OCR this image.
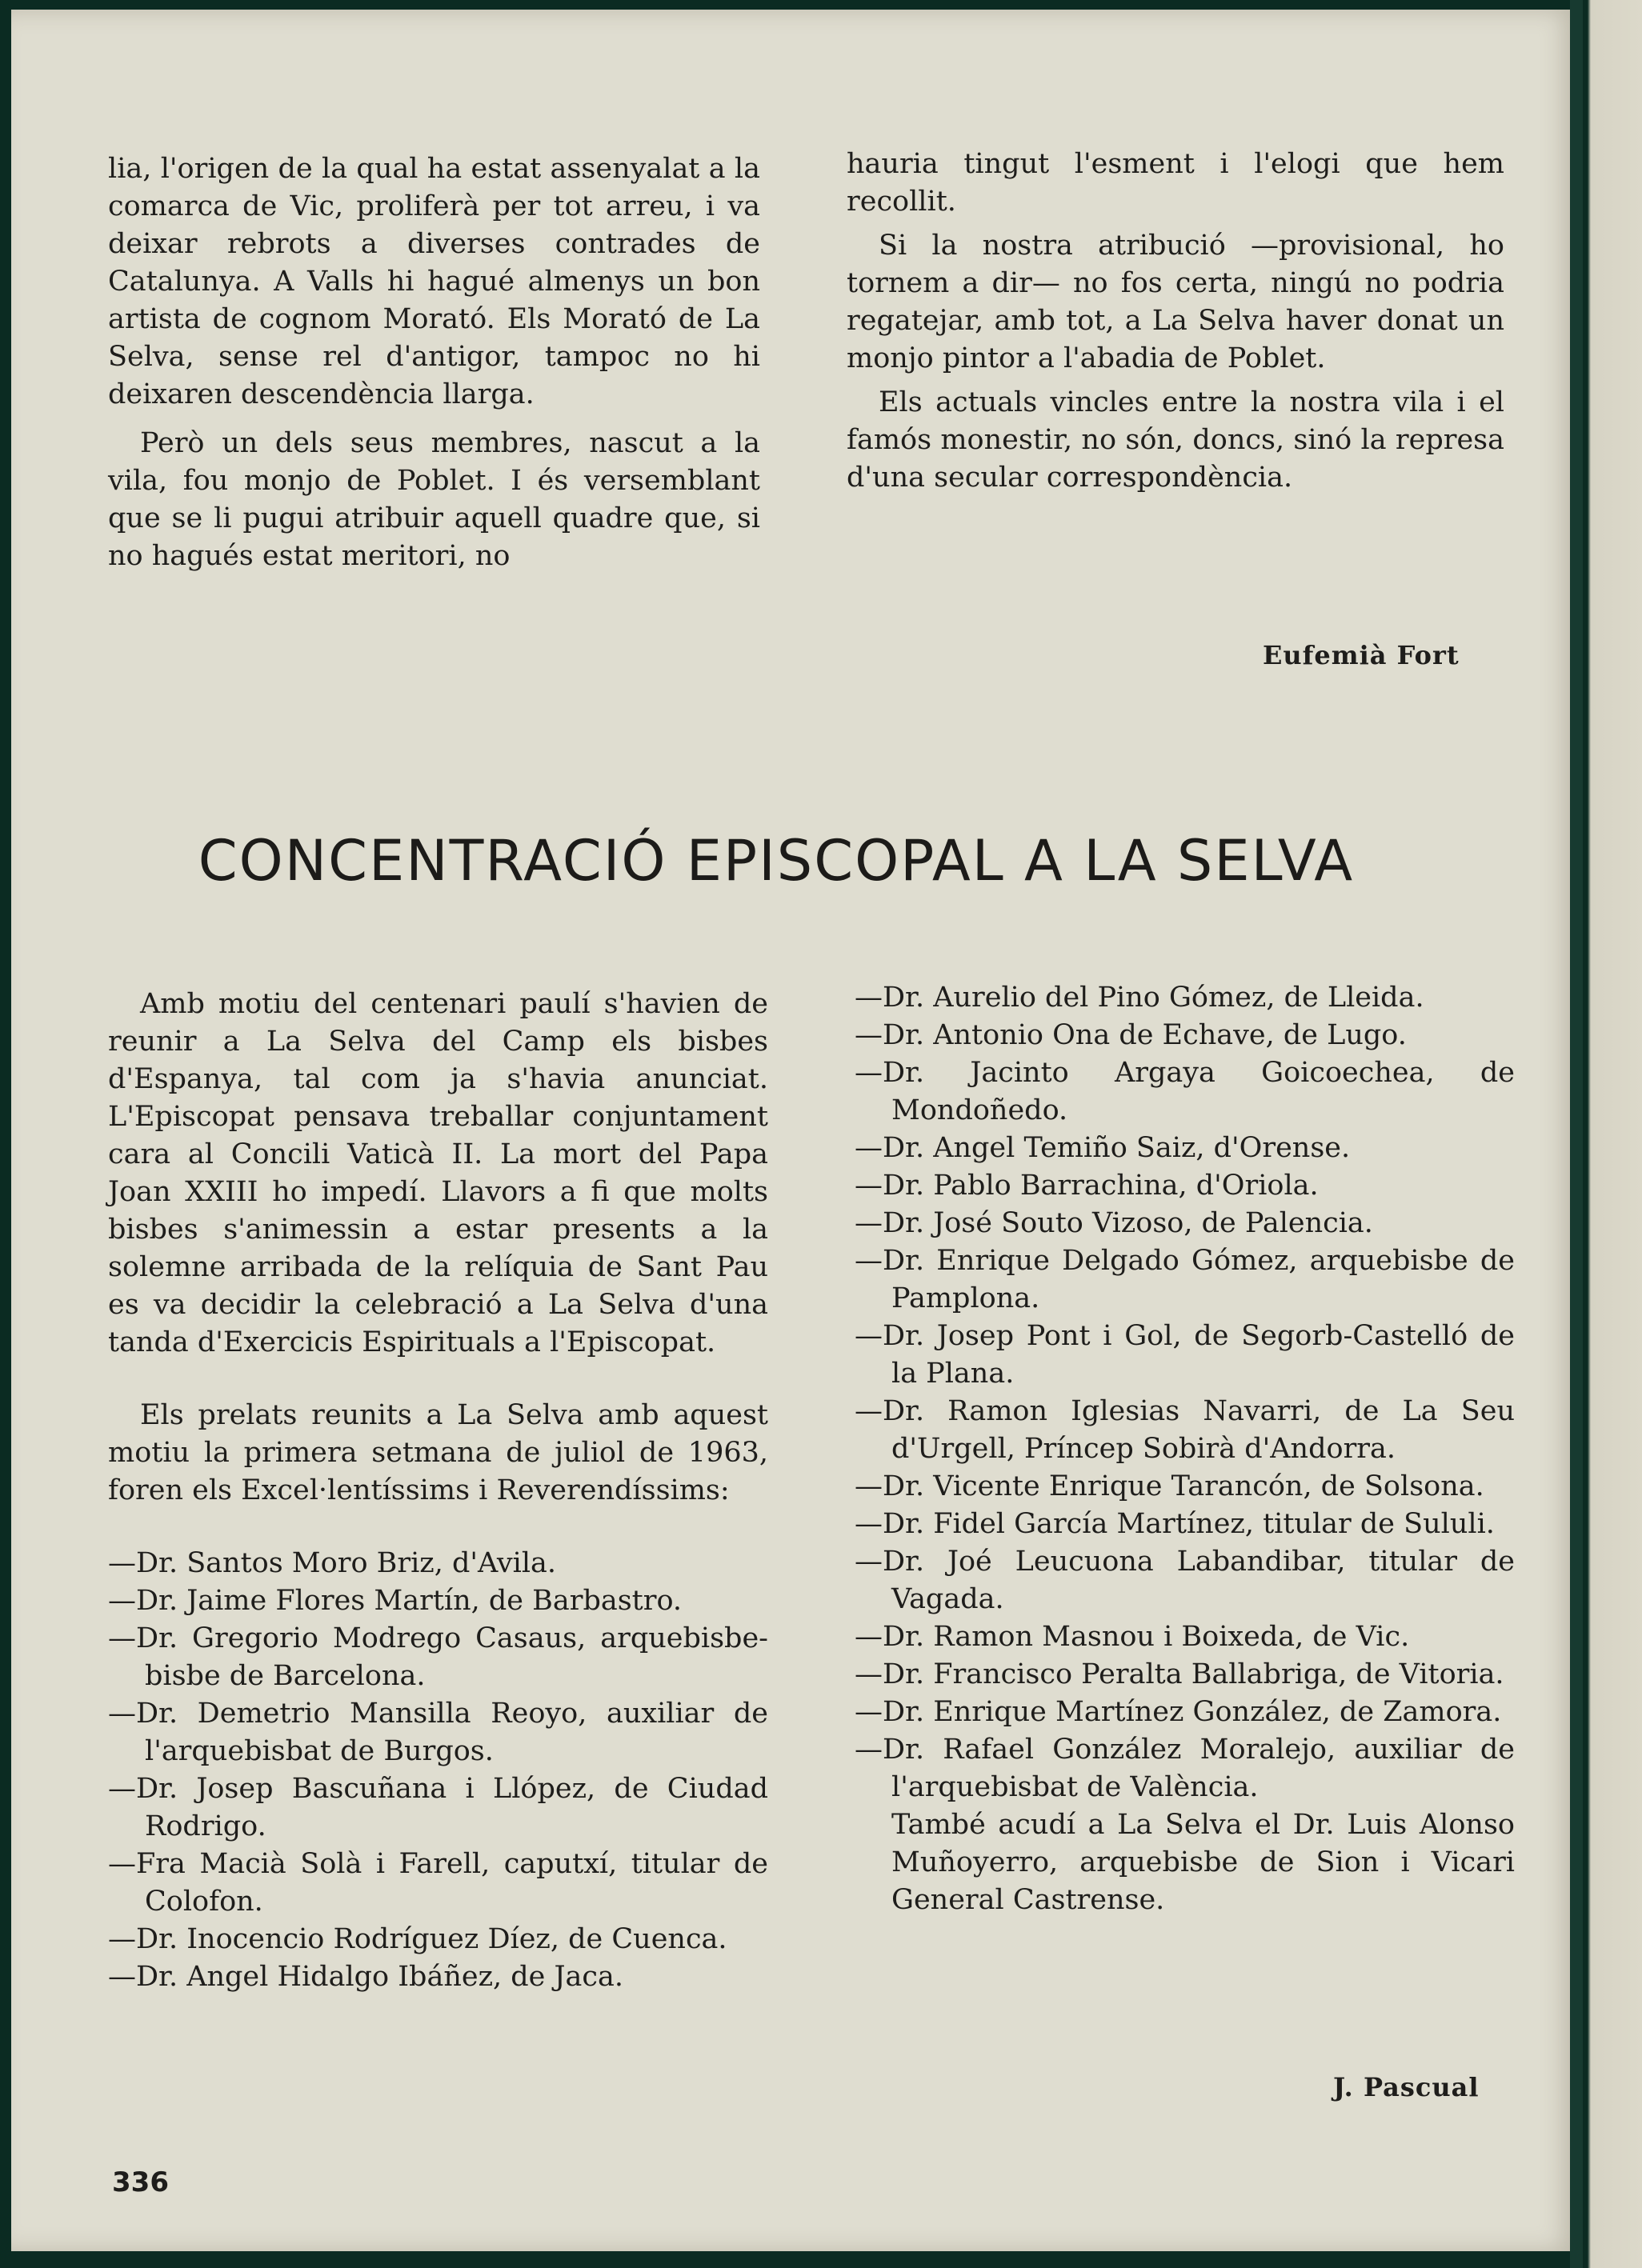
lia, l'origen de la qual ha estat assenyalat a la comarca de Vic, proliferà per tot arreu, i va deixar rebrots a diverses contrades de Catalunya. A Valls hi hagué almenys un bon artista de cognom Morató. Els Morató de La Selva, sense rel d'antigor, tampoc no hi deixaren descendència llarga.

Però un dels seus membres, nascut a la vila, fou monjo de Poblet. I és versemblant que se li pugui atribuir aquell quadre que, si no hagués estat meritori, no

hauria tingut l'esment i l'elogi que hem recollit.

Si la nostra atribució —provisional, ho tornem a dir— no fos certa, ningú no podria regatejar, amb tot, a La Selva haver donat un monjo pintor a l'abadia de Poblet.

Els actuals vincles entre la nostra vila i el famós monestir, no són, doncs, sinó la represa d'una secular correspondència.

Eufemià Fort
CONCENTRACIÓ EPISCOPAL A LA SELVA

Amb motiu del centenari paulí s'havien de reunir a La Selva del Camp els bisbes d'Espanya, tal com ja s'havia anunciat. L'Episcopat pensava treballar conjuntament cara al Concili Vaticà II. La mort del Papa Joan XXIII ho impedí. Llavors a fi que molts bisbes s'animessin a estar presents a la solemne arribada de la relíquia de Sant Pau es va decidir la celebració a La Selva d'una tanda d'Exercicis Espirituals a l'Episcopat.

Els prelats reunits a La Selva amb aquest motiu la primera setmana de juliol de 1963, foren els Excel·lentíssims i Reverendíssims:

—Dr. Santos Moro Briz, d'Avila.

—Dr. Jaime Flores Martín, de Barbastro.

—Dr. Gregorio Modrego Casaus, arquebisbe-bisbe de Barcelona.

—Dr. Demetrio Mansilla Reoyo, auxiliar de l'arquebisbat de Burgos.

—Dr. Josep Bascuñana i Llópez, de Ciudad Rodrigo.

—Fra Macià Solà i Farell, caputxí, titular de Colofon.

—Dr. Inocencio Rodríguez Díez, de Cuenca.

—Dr. Angel Hidalgo Ibáñez, de Jaca.

—Dr. Aurelio del Pino Gómez, de Lleida.

—Dr. Antonio Ona de Echave, de Lugo.

—Dr. Jacinto Argaya Goicoechea, de Mondoñedo.

—Dr. Angel Temiño Saiz, d'Orense.

—Dr. Pablo Barrachina, d'Oriola.

—Dr. José Souto Vizoso, de Palencia.

—Dr. Enrique Delgado Gómez, arquebisbe de Pamplona.

—Dr. Josep Pont i Gol, de Segorb-Castelló de la Plana.

—Dr. Ramon Iglesias Navarri, de La Seu d'Urgell, Príncep Sobirà d'Andorra.

—Dr. Vicente Enrique Tarancón, de Solsona.

—Dr. Fidel García Martínez, titular de Sululi.

—Dr. Joé Leucuona Labandibar, titular de Vagada.

—Dr. Ramon Masnou i Boixeda, de Vic.

—Dr. Francisco Peralta Ballabriga, de Vitoria.

—Dr. Enrique Martínez González, de Zamora.

—Dr. Rafael González Moralejo, auxiliar de l'arquebisbat de València.

També acudí a La Selva el Dr. Luis Alonso Muñoyerro, arquebisbe de Sion i Vicari General Castrense.

J. Pascual
336
